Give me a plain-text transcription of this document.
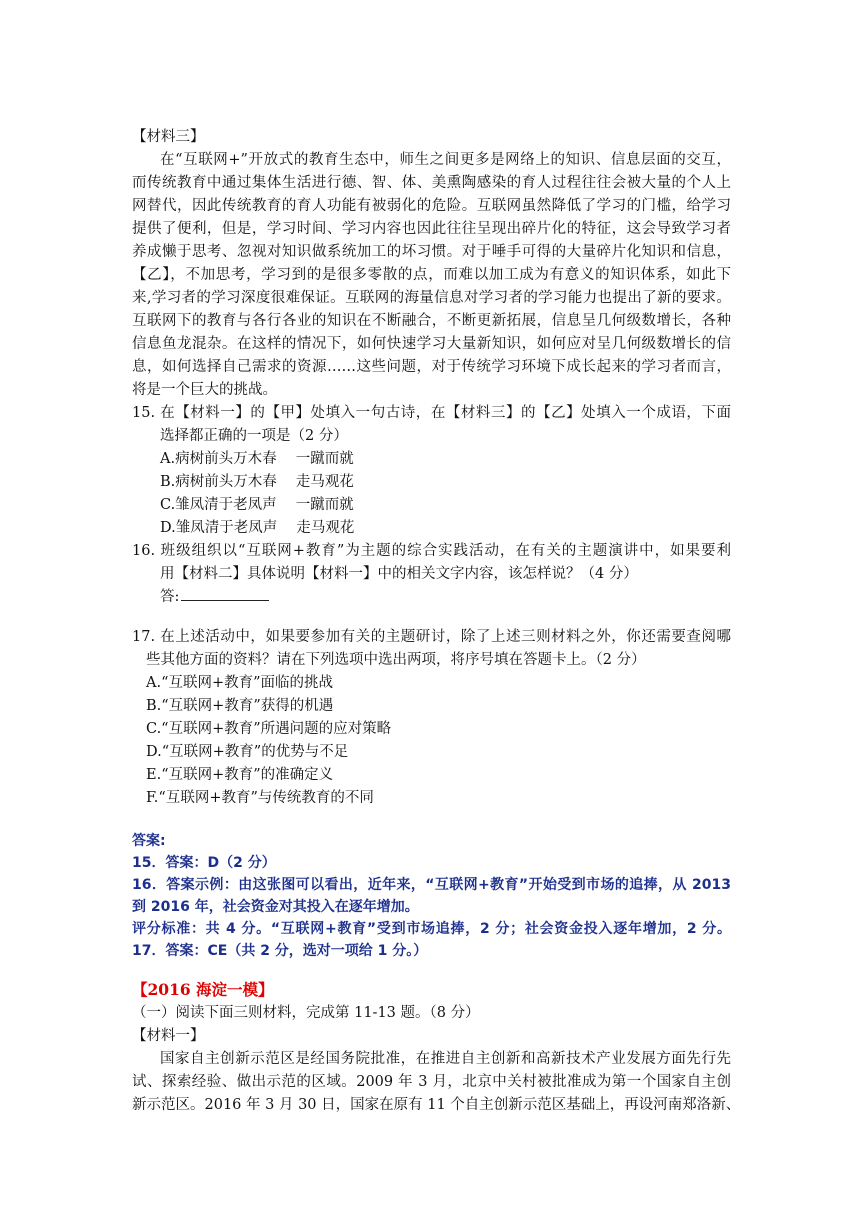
【材料三】
在“互联网+”开放式的教育生态中，师生之间更多是网络上的知识、信息层面的交互，
而传统教育中通过集体生活进行德、智、体、美熏陶感染的育人过程往往会被大量的个人上
网替代，因此传统教育的育人功能有被弱化的危险。互联网虽然降低了学习的门槛，给学习
提供了便利，但是，学习时间、学习内容也因此往往呈现出碎片化的特征，这会导致学习者
养成懒于思考、忽视对知识做系统加工的坏习惯。对于唾手可得的大量碎片化知识和信息，
【乙】，不加思考，学习到的是很多零散的点，而难以加工成为有意义的知识体系，如此下
来,学习者的学习深度很难保证。互联网的海量信息对学习者的学习能力也提出了新的要求。
互联网下的教育与各行各业的知识在不断融合，不断更新拓展，信息呈几何级数增长，各种
信息鱼龙混杂。在这样的情况下，如何快速学习大量新知识，如何应对呈几何级数增长的信
息，如何选择自己需求的资源……这些问题，对于传统学习环境下成长起来的学习者而言，
将是一个巨大的挑战。
15. 在【材料一】的【甲】处填入一句古诗，在【材料三】的【乙】处填入一个成语，下面
选择都正确的一项是（2 分）
A.病树前头万木春　 一蹴而就
B.病树前头万木春　 走马观花
C.雏凤清于老凤声　 一蹴而就
D.雏凤清于老凤声　 走马观花
16. 班级组织以“互联网+教育”为主题的综合实践活动，在有关的主题演讲中，如果要利
用【材料二】具体说明【材料一】中的相关文字内容，该怎样说？（4 分）
答:
17. 在上述活动中，如果要参加有关的主题研讨，除了上述三则材料之外，你还需要查阅哪
些其他方面的资料？请在下列选项中选出两项，将序号填在答题卡上。（2 分）
A.“互联网+教育”面临的挑战
B.“互联网+教育”获得的机遇
C.“互联网+教育”所遇问题的应对策略
D.“互联网+教育”的优势与不足
E.“互联网+教育”的准确定义
F.“互联网+教育”与传统教育的不同
答案:
15．答案：D（2 分）
16．答案示例：由这张图可以看出，近年来，“互联网+教育”开始受到市场的追捧，从 2013
到 2016 年，社会资金对其投入在逐年增加。
评分标准：共 4 分。“互联网+教育”受到市场追捧，2 分；社会资金投入逐年增加，2 分。
17．答案：CE（共 2 分，选对一项给 1 分。）
【2016 海淀一模】
（一）阅读下面三则材料，完成第 11-13 题。（8 分）
【材料一】
国家自主创新示范区是经国务院批准，在推进自主创新和高新技术产业发展方面先行先
试、探索经验、做出示范的区域。2009 年 3 月，北京中关村被批准成为第一个国家自主创
新示范区。2016 年 3 月 30 日，国家在原有 11 个自主创新示范区基础上，再设河南郑洛新、
